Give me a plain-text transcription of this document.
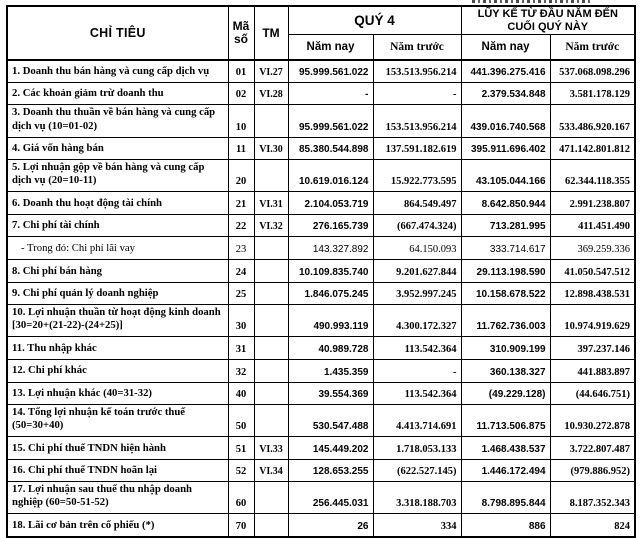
CHỈ TIÊU	Mã số	TM	QUÝ 4		LŨY KẾ TỪ ĐẦU NĂM ĐẾN CUỐI QUÝ NÀY	
			Năm nay	Năm trước	Năm nay	Năm trước
1. Doanh thu bán hàng và cung cấp dịch vụ	01	VI.27	95.999.561.022	153.513.956.214	441.396.275.416	537.068.098.296
2. Các khoản giảm trừ doanh thu	02	VI.28	-	-	2.379.534.848	3.581.178.129
3. Doanh thu thuần về bán hàng và cung cấp dịch vụ (10=01-02)	10		95.999.561.022	153.513.956.214	439.016.740.568	533.486.920.167
4. Giá vốn hàng bán	11	VI.30	85.380.544.898	137.591.182.619	395.911.696.402	471.142.801.812
5. Lợi nhuận gộp về bán hàng và cung cấp dịch vụ (20=10-11)	20		10.619.016.124	15.922.773.595	43.105.044.166	62.344.118.355
6. Doanh thu hoạt động tài chính	21	VI.31	2.104.053.719	864.549.497	8.642.850.944	2.991.238.807
7. Chi phí tài chính	22	VI.32	276.165.739	(667.474.324)	713.281.995	411.451.490
- Trong đó: Chi phí lãi vay	23		143.327.892	64.150.093	333.714.617	369.259.336
8. Chi phí bán hàng	24		10.109.835.740	9.201.627.844	29.113.198.590	41.050.547.512
9. Chi phí quản lý doanh nghiệp	25		1.846.075.245	3.952.997.245	10.158.678.522	12.898.438.531
10. Lợi nhuận thuần từ hoạt động kinh doanh [30=20+(21-22)-(24+25)]	30		490.993.119	4.300.172.327	11.762.736.003	10.974.919.629
11. Thu nhập khác	31		40.989.728	113.542.364	310.909.199	397.237.146
12. Chi phí khác	32		1.435.359	-	360.138.327	441.883.897
13. Lợi nhuận khác (40=31-32)	40		39.554.369	113.542.364	(49.229.128)	(44.646.751)
14. Tổng lợi nhuận kế toán trước thuế (50=30+40)	50		530.547.488	4.413.714.691	11.713.506.875	10.930.272.878
15. Chi phí thuế TNDN hiện hành	51	VI.33	145.449.202	1.718.053.133	1.468.438.537	3.722.807.487
16. Chi phí thuế TNDN hoãn lại	52	VI.34	128.653.255	(622.527.145)	1.446.172.494	(979.886.952)
17. Lợi nhuận sau thuế thu nhập doanh nghiệp (60=50-51-52)	60		256.445.031	3.318.188.703	8.798.895.844	8.187.352.343
18. Lãi cơ bản trên cổ phiếu (*)	70		26	334	886	824
